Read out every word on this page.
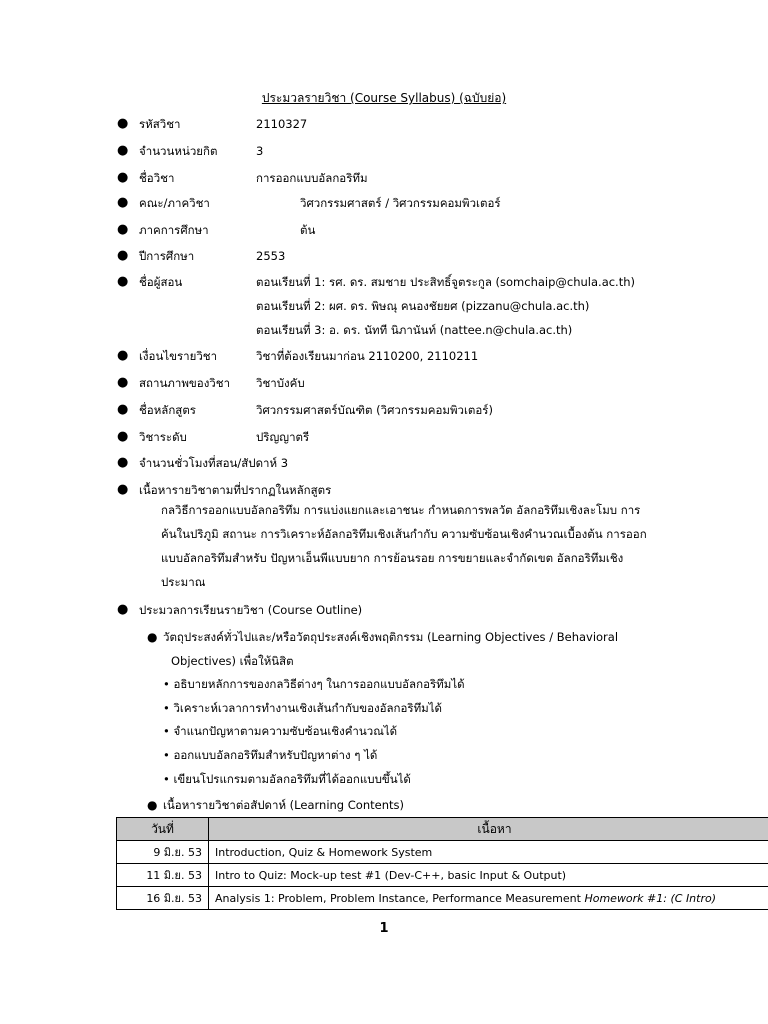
ประมวลรายวิชา (Course Syllabus) (ฉบับย่อ)
● รหัสวิชา	2110327
● จำนวนหน่วยกิต	3
● ชื่อวิชา	การออกแบบอัลกอริทึม
● คณะ/ภาควิชา	วิศวกรรมศาสตร์ / วิศวกรรมคอมพิวเตอร์
● ภาคการศึกษา	ต้น
● ปีการศึกษา	2553
● ชื่อผู้สอน	ตอนเรียนที่ 1: รศ. ดร. สมชาย ประสิทธิ์จูตระกูล (somchaip@chula.ac.th)
ตอนเรียนที่ 2: ผศ. ดร. พิษณุ คนองชัยยศ (pizzanu@chula.ac.th)
ตอนเรียนที่ 3: อ. ดร. นัทที นิภานันท์ (nattee.n@chula.ac.th)
● เงื่อนไขรายวิชา	วิชาที่ต้องเรียนมาก่อน 2110200, 2110211
● สถานภาพของวิชา วิชาบังคับ
● ชื่อหลักสูตร	วิศวกรรมศาสตร์บัณฑิต (วิศวกรรมคอมพิวเตอร์)
● วิชาระดับ	ปริญญาตรี
● จำนวนชั่วโมงที่สอน/สัปดาห์ 3
● เนื้อหารายวิชาตามที่ปรากฏในหลักสูตร
กลวิธีการออกแบบอัลกอริทึม การแบ่งแยกและเอาชนะ กำหนดการพลวัต อัลกอริทึมเชิงละโมบ การ
ค้นในปริภูมิ สถานะ การวิเคราะห์อัลกอริทึมเชิงเส้นกำกับ ความซับซ้อนเชิงคำนวณเบื้องต้น การออก
แบบอัลกอริทึมสำหรับ ปัญหาเอ็นพีแบบยาก การย้อนรอย การขยายและจำกัดเขต อัลกอริทึมเชิง
ประมาณ
● ประมวลการเรียนรายวิชา (Course Outline)
● วัตถุประสงค์ทั่วไปและ/หรือวัตถุประสงค์เชิงพฤติกรรม (Learning Objectives / Behavioral
Objectives) เพื่อให้นิสิต
• อธิบายหลักการของกลวิธีต่างๆ ในการออกแบบอัลกอริทึมได้
• วิเคราะห์เวลาการทำงานเชิงเส้นกำกับของอัลกอริทึมได้
• จำแนกปัญหาตามความซับซ้อนเชิงคำนวณได้
• ออกแบบอัลกอริทึมสำหรับปัญหาต่าง ๆ ได้
• เขียนโปรแกรมตามอัลกอริทึมที่ได้ออกแบบขึ้นได้
● เนื้อหารายวิชาต่อสัปดาห์ (Learning Contents)
วันที่	เนื้อหา
9 มิ.ย. 53	Introduction, Quiz & Homework System
11 มิ.ย. 53	Intro to Quiz: Mock-up test #1 (Dev-C++, basic Input & Output)
16 มิ.ย. 53	Analysis 1: Problem, Problem Instance, Performance Measurement Homework #1: (C Intro)
1
